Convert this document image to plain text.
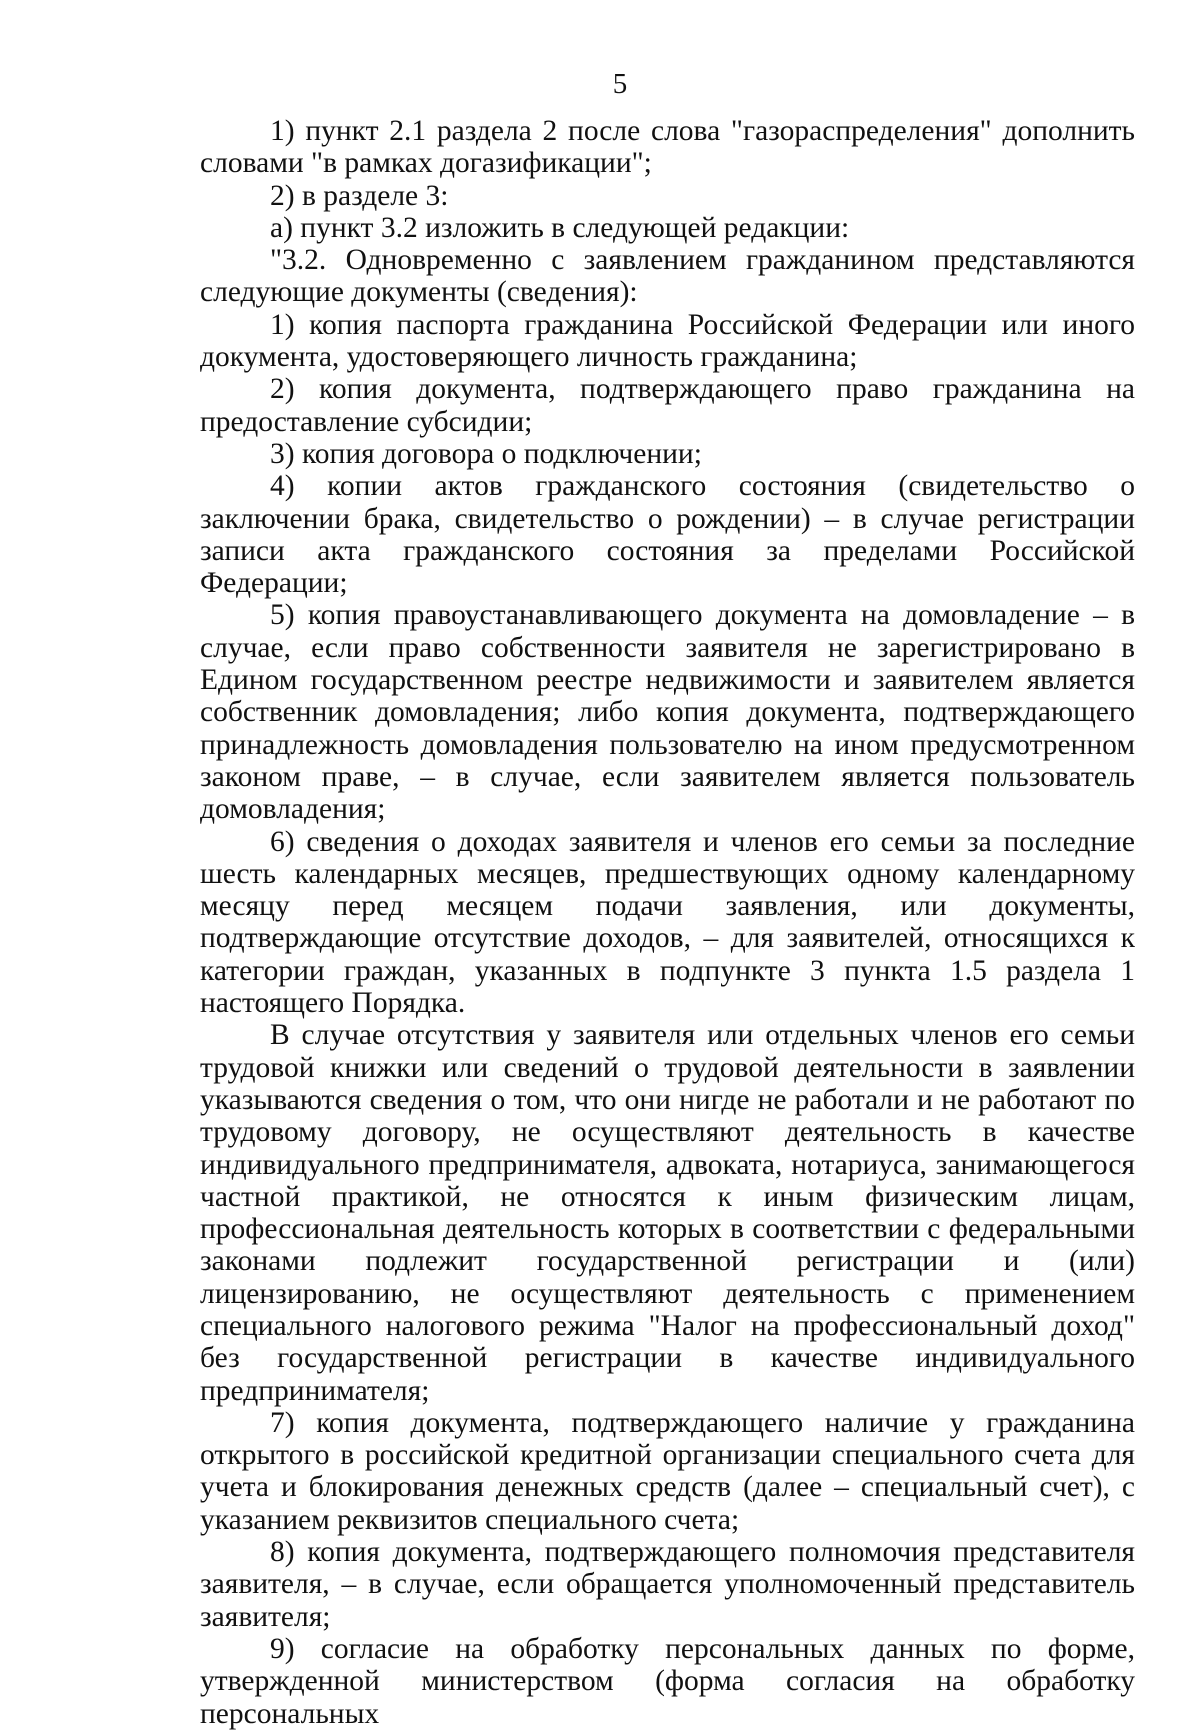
5

1) пункт 2.1 раздела 2 после слова "газораспределения" дополнить словами "в рамках догазификации";

2) в разделе 3:

а) пункт 3.2 изложить в следующей редакции:

"3.2. Одновременно с заявлением гражданином представляются следующие документы (сведения):

1) копия паспорта гражданина Российской Федерации или иного документа, удостоверяющего личность гражданина;

2) копия документа, подтверждающего право гражданина на предоставление субсидии;

3) копия договора о подключении;

4) копии актов гражданского состояния (свидетельство о заключении брака, свидетельство о рождении) – в случае регистрации записи акта гражданского состояния за пределами Российской Федерации;

5) копия правоустанавливающего документа на домовладение – в случае, если право собственности заявителя не зарегистрировано в Едином государственном реестре недвижимости и заявителем является собственник домовладения; либо копия документа, подтверждающего принадлежность домовладения пользователю на ином предусмотренном законом праве, – в случае, если заявителем является пользователь домовладения;

6) сведения о доходах заявителя и членов его семьи за последние шесть календарных месяцев, предшествующих одному календарному месяцу перед месяцем подачи заявления, или документы, подтверждающие отсутствие доходов, – для заявителей, относящихся к категории граждан, указанных в подпункте 3 пункта 1.5 раздела 1 настоящего Порядка.

В случае отсутствия у заявителя или отдельных членов его семьи трудовой книжки или сведений о трудовой деятельности в заявлении указываются сведения о том, что они нигде не работали и не работают по трудовому договору, не осуществляют деятельность в качестве индивидуального предпринимателя, адвоката, нотариуса, занимающегося частной практикой, не относятся к иным физическим лицам, профессиональная деятельность которых в соответствии с федеральными законами подлежит государственной регистрации и (или) лицензированию, не осуществляют деятельность с применением специального налогового режима "Налог на профессиональный доход" без государственной регистрации в качестве индивидуального предпринимателя;

7) копия документа, подтверждающего наличие у гражданина открытого в российской кредитной организации специального счета для учета и блокирования денежных средств (далее – специальный счет), с указанием реквизитов специального счета;

8) копия документа, подтверждающего полномочия представителя заявителя, – в случае, если обращается уполномоченный представитель заявителя;

9) согласие на обработку персональных данных по форме, утвержденной министерством (форма согласия на обработку персональных
